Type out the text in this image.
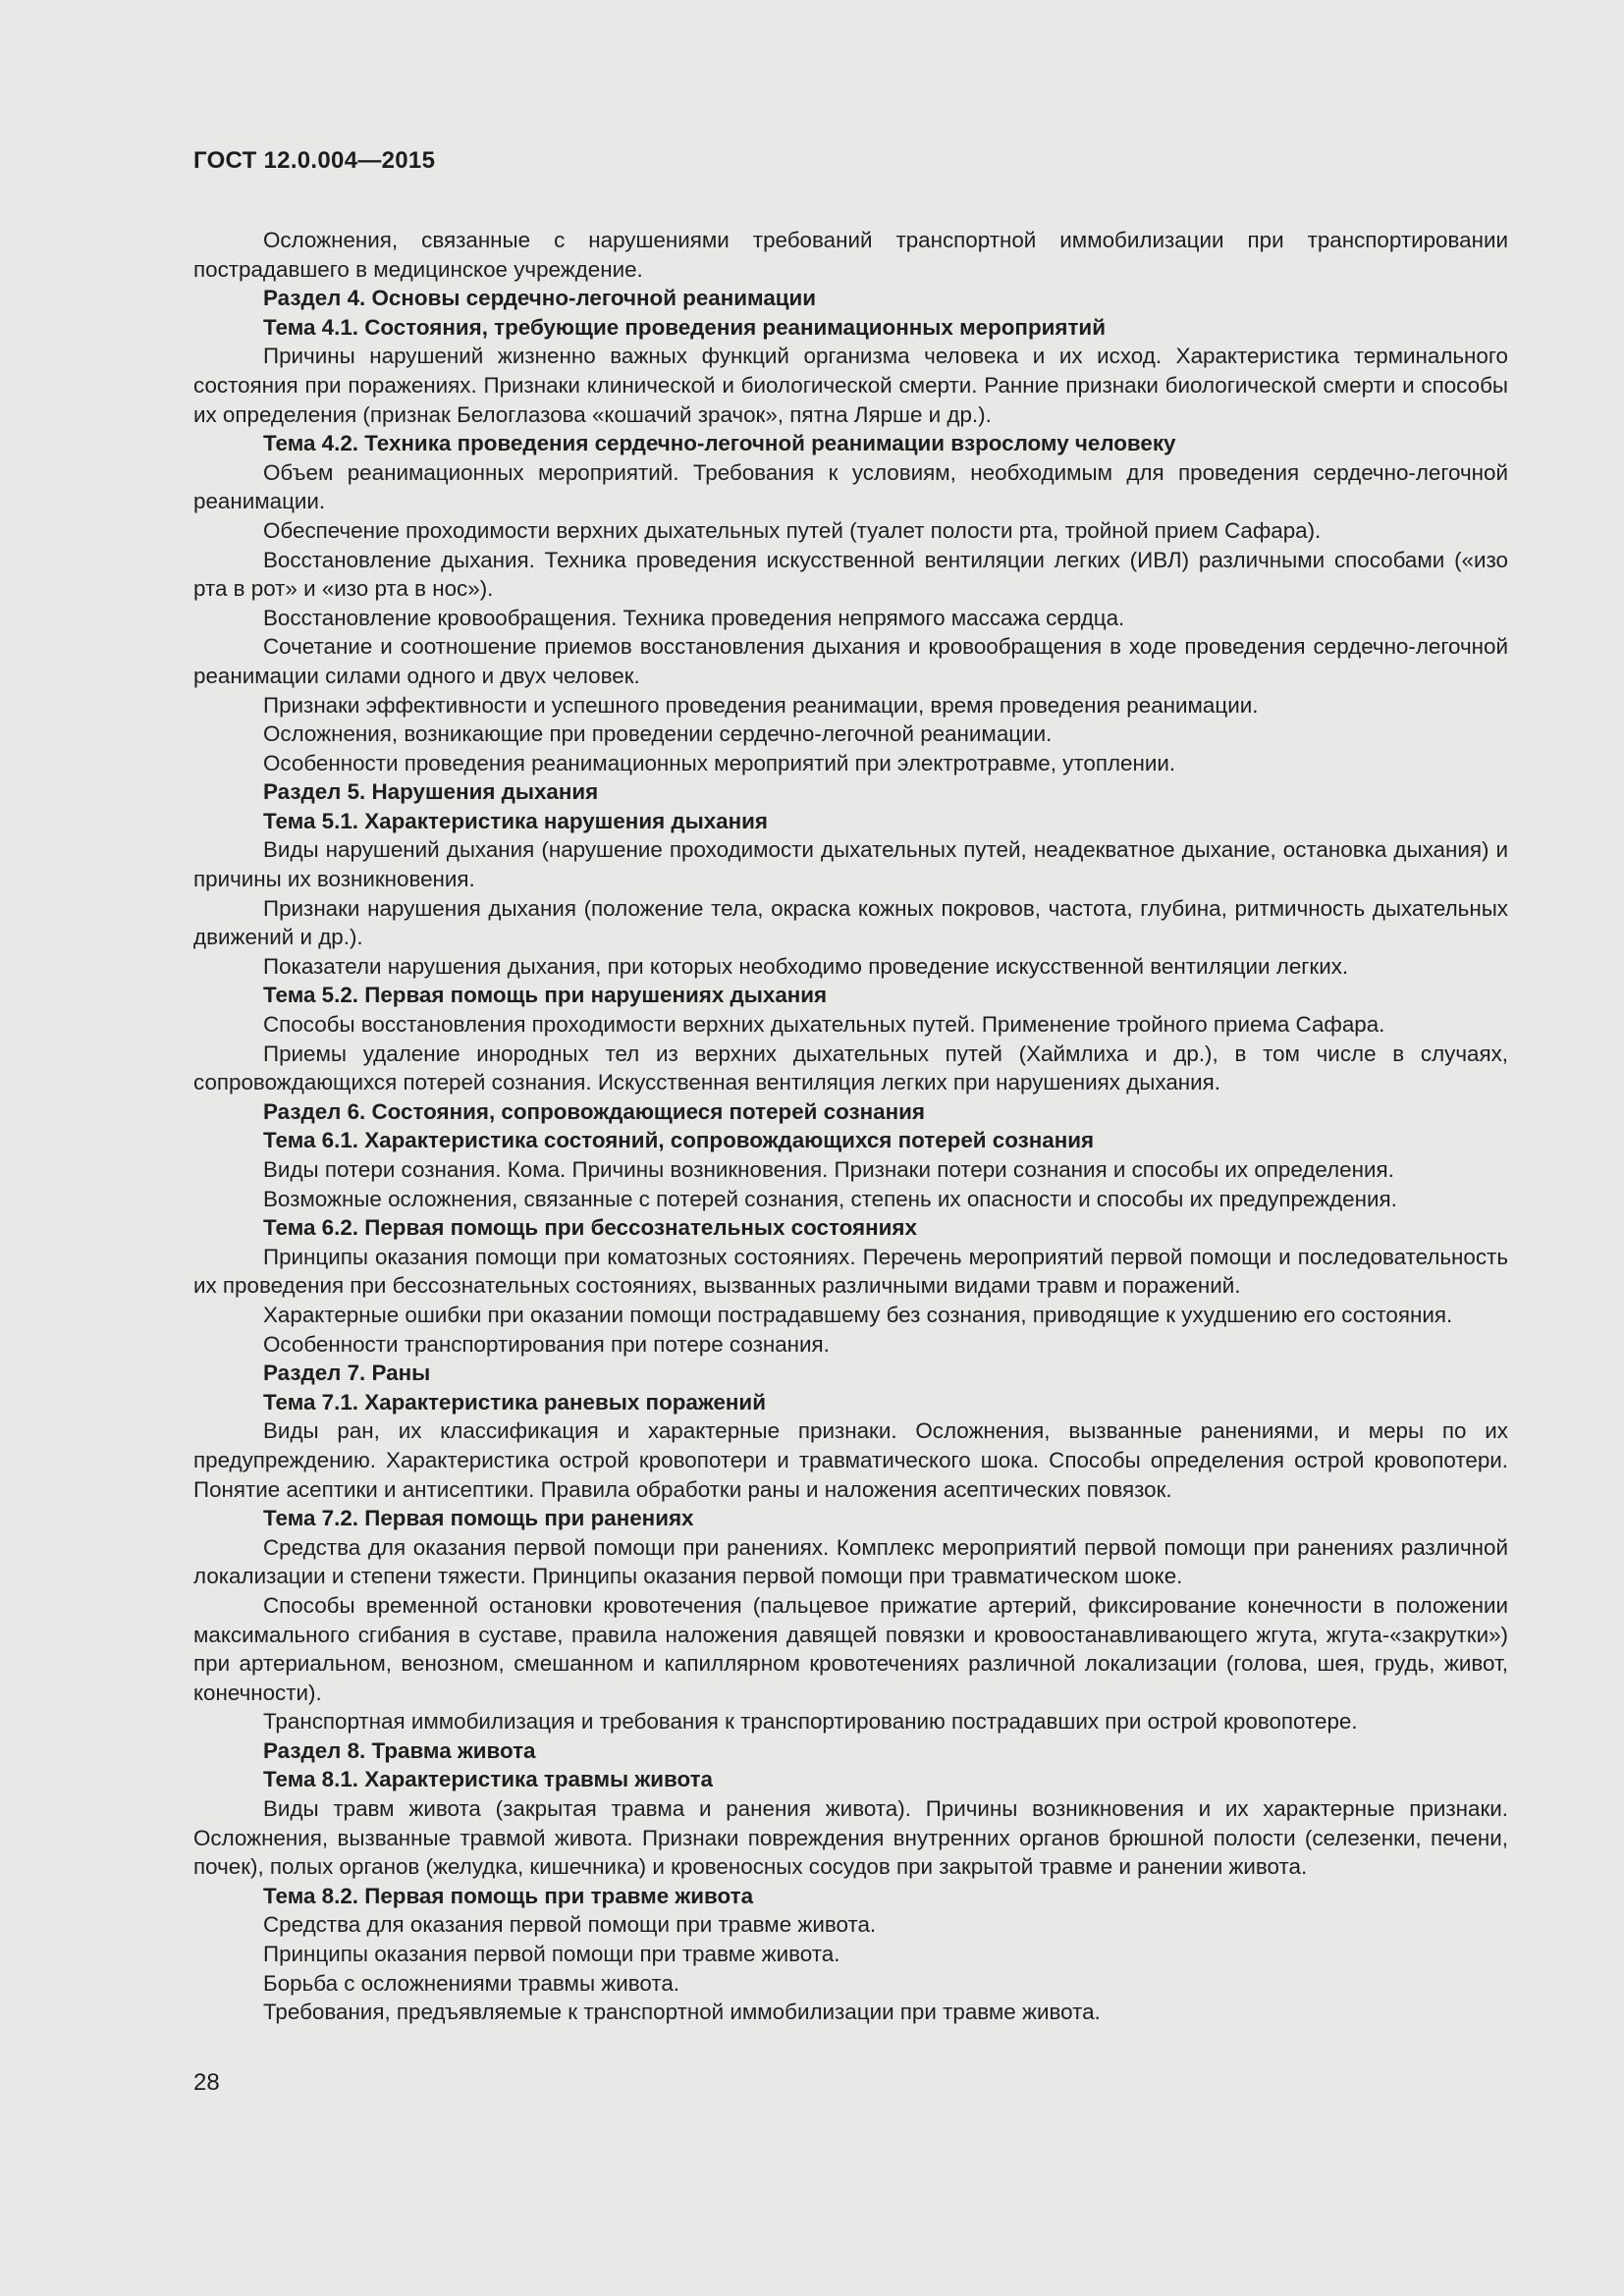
ГОСТ 12.0.004—2015

Осложнения, связанные с нарушениями требований транспортной иммобилизации при транспортировании пострадавшего в медицинское учреждение.

Раздел 4. Основы сердечно-легочной реанимации

Тема 4.1. Состояния, требующие проведения реанимационных мероприятий

Причины нарушений жизненно важных функций организма человека и их исход. Характеристика терминального состояния при поражениях. Признаки клинической и биологической смерти. Ранние признаки биологической смерти и способы их определения (признак Белоглазова «кошачий зрачок», пятна Лярше и др.).

Тема 4.2. Техника проведения сердечно-легочной реанимации взрослому человеку

Объем реанимационных мероприятий. Требования к условиям, необходимым для проведения сердечно-легочной реанимации.

Обеспечение проходимости верхних дыхательных путей (туалет полости рта, тройной прием Сафара).

Восстановление дыхания. Техника проведения искусственной вентиляции легких (ИВЛ) различными способами («изо рта в рот» и «изо рта в нос»).

Восстановление кровообращения. Техника проведения непрямого массажа сердца.

Сочетание и соотношение приемов восстановления дыхания и кровообращения в ходе проведения сердечно-легочной реанимации силами одного и двух человек.

Признаки эффективности и успешного проведения реанимации, время проведения реанимации.

Осложнения, возникающие при проведении сердечно-легочной реанимации.

Особенности проведения реанимационных мероприятий при электротравме, утоплении.

Раздел 5. Нарушения дыхания

Тема 5.1. Характеристика нарушения дыхания

Виды нарушений дыхания (нарушение проходимости дыхательных путей, неадекватное дыхание, остановка дыхания) и причины их возникновения.

Признаки нарушения дыхания (положение тела, окраска кожных покровов, частота, глубина, ритмичность дыхательных движений и др.).

Показатели нарушения дыхания, при которых необходимо проведение искусственной вентиляции легких.

Тема 5.2. Первая помощь при нарушениях дыхания

Способы восстановления проходимости верхних дыхательных путей. Применение тройного приема Сафара.

Приемы удаление инородных тел из верхних дыхательных путей (Хаймлиха и др.), в том числе в случаях, сопровождающихся потерей сознания. Искусственная вентиляция легких при нарушениях дыхания.

Раздел 6. Состояния, сопровождающиеся потерей сознания

Тема 6.1. Характеристика состояний, сопровождающихся потерей сознания

Виды потери сознания. Кома. Причины возникновения. Признаки потери сознания и способы их определения.

Возможные осложнения, связанные с потерей сознания, степень их опасности и способы их предупреждения.

Тема 6.2. Первая помощь при бессознательных состояниях

Принципы оказания помощи при коматозных состояниях. Перечень мероприятий первой помощи и последовательность их проведения при бессознательных состояниях, вызванных различными видами травм и поражений.

Характерные ошибки при оказании помощи пострадавшему без сознания, приводящие к ухудшению его состояния.

Особенности транспортирования при потере сознания.

Раздел 7. Раны

Тема 7.1. Характеристика раневых поражений

Виды ран, их классификация и характерные признаки. Осложнения, вызванные ранениями, и меры по их предупреждению. Характеристика острой кровопотери и травматического шока. Способы определения острой кровопотери. Понятие асептики и антисептики. Правила обработки раны и наложения асептических повязок.

Тема 7.2. Первая помощь при ранениях

Средства для оказания первой помощи при ранениях. Комплекс мероприятий первой помощи при ранениях различной локализации и степени тяжести. Принципы оказания первой помощи при травматическом шоке.

Способы временной остановки кровотечения (пальцевое прижатие артерий, фиксирование конечности в положении максимального сгибания в суставе, правила наложения давящей повязки и кровоостанавливающего жгута, жгута-«закрутки») при артериальном, венозном, смешанном и капиллярном кровотечениях различной локализации (голова, шея, грудь, живот, конечности).

Транспортная иммобилизация и требования к транспортированию пострадавших при острой кровопотере.

Раздел 8. Травма живота

Тема 8.1. Характеристика травмы живота

Виды травм живота (закрытая травма и ранения живота). Причины возникновения и их характерные признаки. Осложнения, вызванные травмой живота. Признаки повреждения внутренних органов брюшной полости (селезенки, печени, почек), полых органов (желудка, кишечника) и кровеносных сосудов при закрытой травме и ранении живота.

Тема 8.2. Первая помощь при травме живота

Средства для оказания первой помощи при травме живота.

Принципы оказания первой помощи при травме живота.

Борьба с осложнениями травмы живота.

Требования, предъявляемые к транспортной иммобилизации при травме живота.

28
